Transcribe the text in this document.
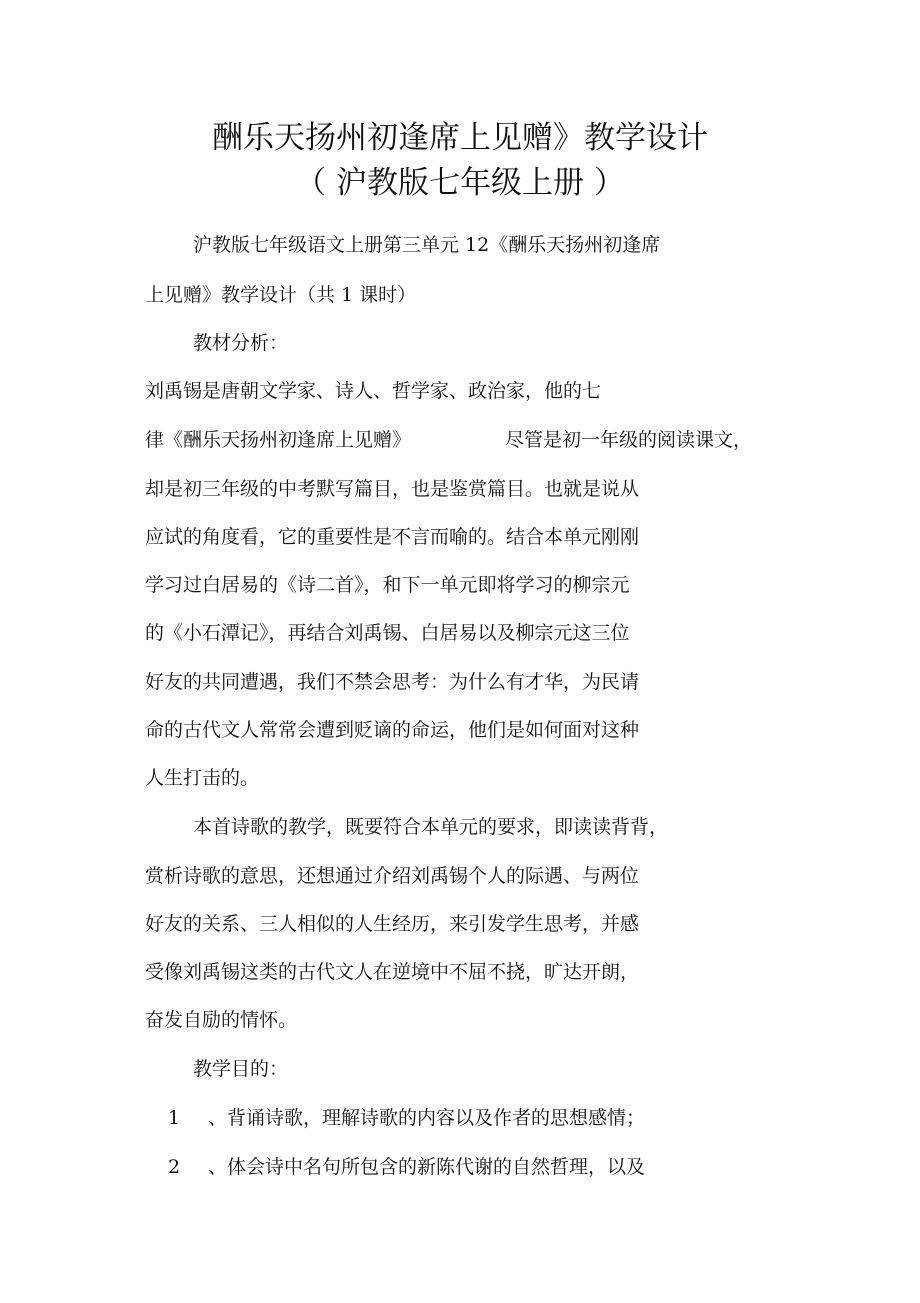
酬乐天扬州初逢席上见赠》教学设计
（ 沪教版七年级上册 ）
沪教版七年级语文上册第三单元 12《酬乐天扬州初逢席
上见赠》教学设计（共 1 课时）
教材分析：
刘禹锡是唐朝文学家、诗人、哲学家、政治家，他的七
律《酬乐天扬州初逢席上见赠》	尽管是初一年级的阅读课文，
却是初三年级的中考默写篇目，也是鉴赏篇目。也就是说从
应试的角度看，它的重要性是不言而喻的。结合本单元刚刚
学习过白居易的《诗二首》，和下一单元即将学习的柳宗元
的《小石潭记》，再结合刘禹锡、白居易以及柳宗元这三位
好友的共同遭遇，我们不禁会思考：为什么有才华，为民请
命的古代文人常常会遭到贬谪的命运，他们是如何面对这种
人生打击的。
本首诗歌的教学，既要符合本单元的要求，即读读背背，
赏析诗歌的意思，还想通过介绍刘禹锡个人的际遇、与两位
好友的关系、三人相似的人生经历，来引发学生思考，并感
受像刘禹锡这类的古代文人在逆境中不屈不挠，旷达开朗，
奋发自励的情怀。
教学目的：
1 、背诵诗歌，理解诗歌的内容以及作者的思想感情；
2 、体会诗中名句所包含的新陈代谢的自然哲理，以及
